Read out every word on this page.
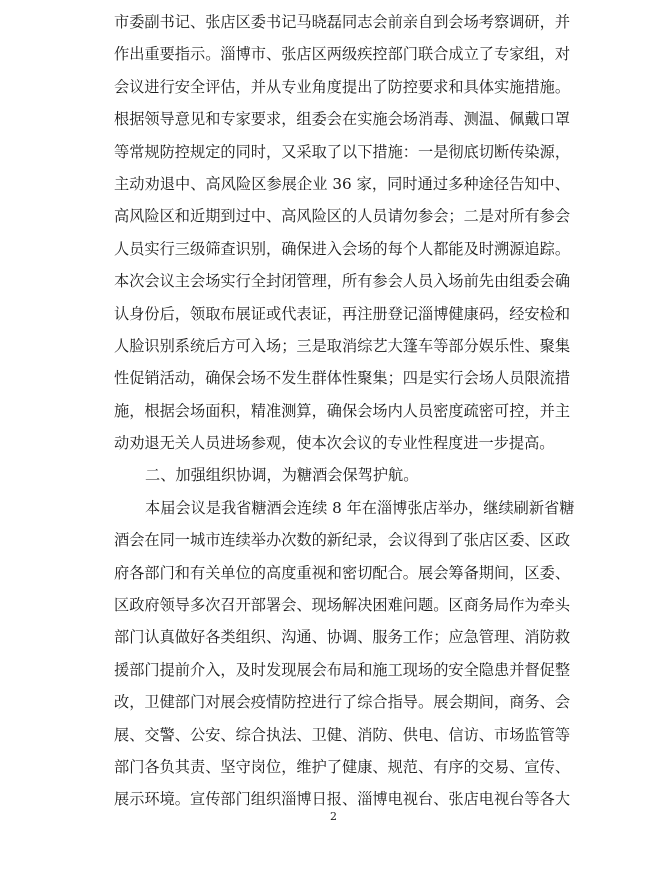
市委副书记、张店区委书记马晓磊同志会前亲自到会场考察调研，并
作出重要指示。淄博市、张店区两级疾控部门联合成立了专家组，对
会议进行安全评估，并从专业角度提出了防控要求和具体实施措施。
根据领导意见和专家要求，组委会在实施会场消毒、测温、佩戴口罩
等常规防控规定的同时，又采取了以下措施：一是彻底切断传染源，
主动劝退中、高风险区参展企业 36 家，同时通过多种途径告知中、
高风险区和近期到过中、高风险区的人员请勿参会；二是对所有参会
人员实行三级筛查识别，确保进入会场的每个人都能及时溯源追踪。
本次会议主会场实行全封闭管理，所有参会人员入场前先由组委会确
认身份后，领取布展证或代表证，再注册登记淄博健康码，经安检和
人脸识别系统后方可入场；三是取消综艺大篷车等部分娱乐性、聚集
性促销活动，确保会场不发生群体性聚集；四是实行会场人员限流措
施，根据会场面积，精准测算，确保会场内人员密度疏密可控，并主
动劝退无关人员进场参观，使本次会议的专业性程度进一步提高。
二、加强组织协调，为糖酒会保驾护航。
本届会议是我省糖酒会连续 8 年在淄博张店举办，继续刷新省糖
酒会在同一城市连续举办次数的新纪录，会议得到了张店区委、区政
府各部门和有关单位的高度重视和密切配合。展会筹备期间，区委、
区政府领导多次召开部署会、现场解决困难问题。区商务局作为牵头
部门认真做好各类组织、沟通、协调、服务工作；应急管理、消防救
援部门提前介入，及时发现展会布局和施工现场的安全隐患并督促整
改，卫健部门对展会疫情防控进行了综合指导。展会期间，商务、会
展、交警、公安、综合执法、卫健、消防、供电、信访、市场监管等
部门各负其责、坚守岗位，维护了健康、规范、有序的交易、宣传、
展示环境。宣传部门组织淄博日报、淄博电视台、张店电视台等各大
2
